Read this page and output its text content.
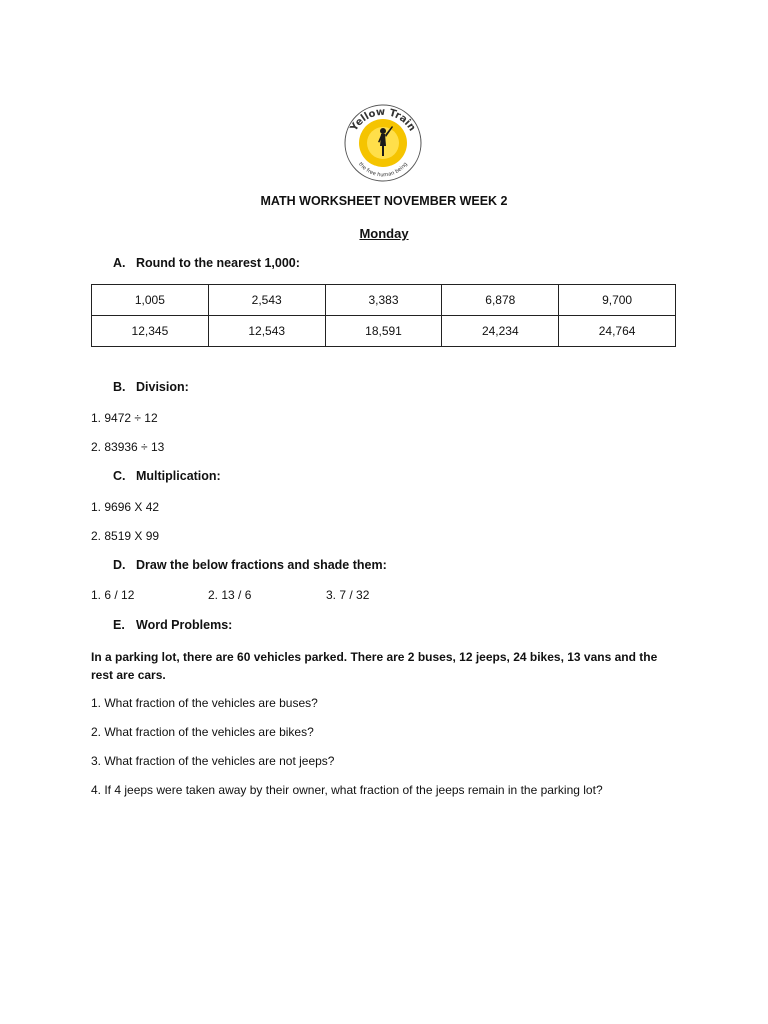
Yellow Train
the free human being
MATH WORKSHEET NOVEMBER WEEK 2
Monday
A. Round to the nearest 1,000:
1,005	2,543	3,383	6,878	9,700
12,345	12,543	18,591	24,234	24,764
B. Division:
1. 9472 ÷ 12
2. 83936 ÷ 13
C. Multiplication:
1. 9696 X 42
2. 8519 X 99
D. Draw the below fractions and shade them:
1. 6 / 12	2. 13 / 6	3. 7 / 32
E. Word Problems:
In a parking lot, there are 60 vehicles parked. There are 2 buses, 12 jeeps, 24 bikes, 13 vans and the rest are cars.
1. What fraction of the vehicles are buses?
2. What fraction of the vehicles are bikes?
3. What fraction of the vehicles are not jeeps?
4. If 4 jeeps were taken away by their owner, what fraction of the jeeps remain in the parking lot?
